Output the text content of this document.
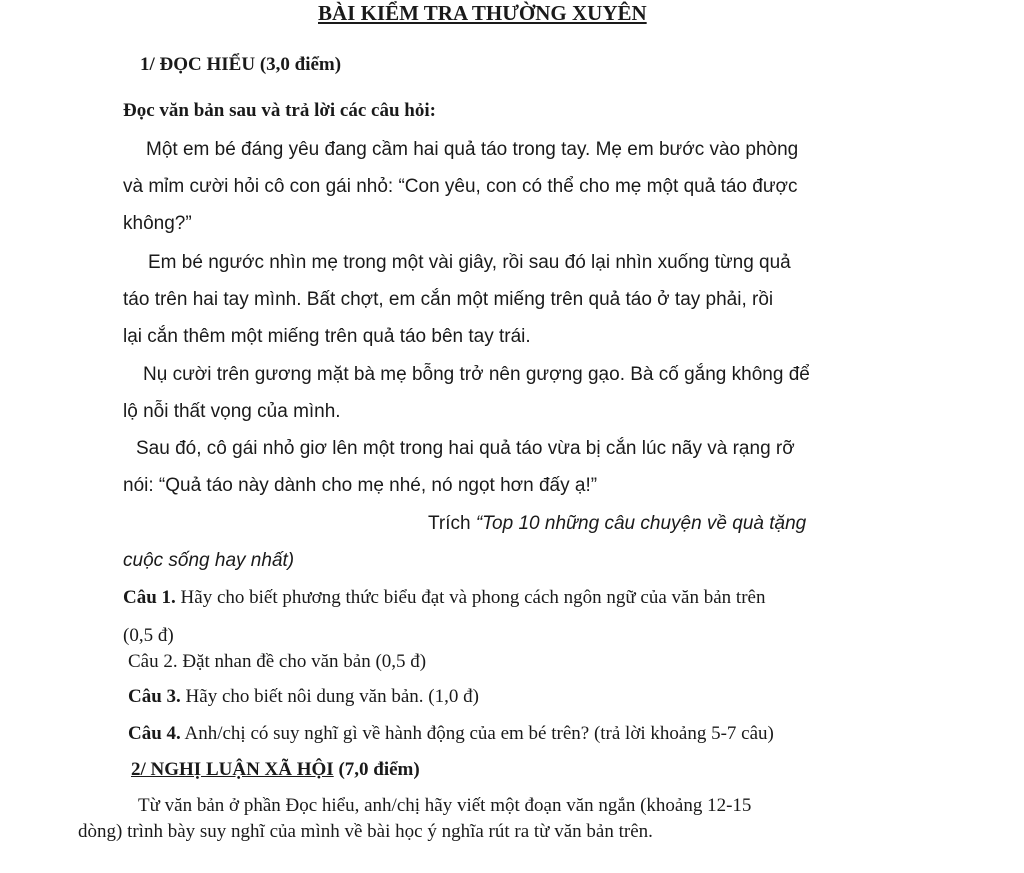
BÀI KIỂM TRA THƯỜNG XUYÊN
1/ ĐỌC HIỂU (3,0 điểm)
Đọc văn bản sau và trả lời các câu hỏi:
Một em bé đáng yêu đang cầm hai quả táo trong tay. Mẹ em bước vào phòng
và mỉm cười hỏi cô con gái nhỏ: “Con yêu, con có thể cho mẹ một quả táo được
không?”
Em bé ngước nhìn mẹ trong một vài giây, rồi sau đó lại nhìn xuống từng quả
táo trên hai tay mình. Bất chợt, em cắn một miếng trên quả táo ở tay phải, rồi
lại cắn thêm một miếng trên quả táo bên tay trái.
Nụ cười trên gương mặt bà mẹ bỗng trở nên gượng gạo. Bà cố gắng không để
lộ nỗi thất vọng của mình.
Sau đó, cô gái nhỏ giơ lên một trong hai quả táo vừa bị cắn lúc nãy và rạng rỡ
nói: “Quả táo này dành cho mẹ nhé, nó ngọt hơn đấy ạ!”
Trích “Top 10 những câu chuyện về quà tặng
cuộc sống hay nhất)
Câu 1. Hãy cho biết phương thức biểu đạt và phong cách ngôn ngữ của văn bản trên
(0,5 đ)
Câu 2. Đặt nhan đề cho văn bản (0,5 đ)
Câu 3. Hãy cho biết nôi dung văn bản. (1,0 đ)
Câu 4. Anh/chị có suy nghĩ gì về hành động của em bé trên? (trả lời khoảng 5-7 câu)
2/ NGHỊ LUẬN XÃ HỘI (7,0 điểm)
Từ văn bản ở phần Đọc hiểu, anh/chị hãy viết một đoạn văn ngắn (khoảng 12-15
dòng) trình bày suy nghĩ của mình về bài học ý nghĩa rút ra từ văn bản trên.
